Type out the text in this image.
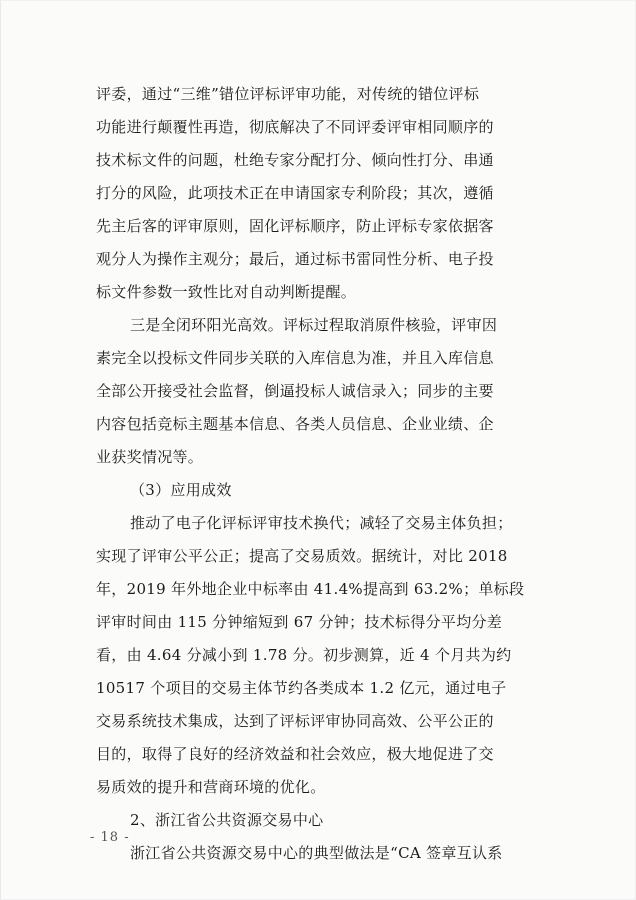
评委，通过“三维”错位评标评审功能，对传统的错位评标
功能进行颠覆性再造，彻底解决了不同评委评审相同顺序的
技术标文件的问题，杜绝专家分配打分、倾向性打分、串通
打分的风险，此项技术正在申请国家专利阶段；其次，遵循
先主后客的评审原则，固化评标顺序，防止评标专家依据客
观分人为操作主观分；最后，通过标书雷同性分析、电子投
标文件参数一致性比对自动判断提醒。
三是全闭环阳光高效。评标过程取消原件核验，评审因
素完全以投标文件同步关联的入库信息为准，并且入库信息
全部公开接受社会监督，倒逼投标人诚信录入；同步的主要
内容包括竞标主题基本信息、各类人员信息、企业业绩、企
业获奖情况等。
（3）应用成效
推动了电子化评标评审技术换代；减轻了交易主体负担；
实现了评审公平公正；提高了交易质效。据统计，对比 2018
年，2019 年外地企业中标率由 41.4%提高到 63.2%；单标段
评审时间由 115 分钟缩短到 67 分钟；技术标得分平均分差
看，由 4.64 分减小到 1.78 分。初步测算，近 4 个月共为约
10517 个项目的交易主体节约各类成本 1.2 亿元，通过电子
交易系统技术集成，达到了评标评审协同高效、公平公正的
目的，取得了良好的经济效益和社会效应，极大地促进了交
易质效的提升和营商环境的优化。
2、浙江省公共资源交易中心
浙江省公共资源交易中心的典型做法是“CA 签章互认系
- 18 -
